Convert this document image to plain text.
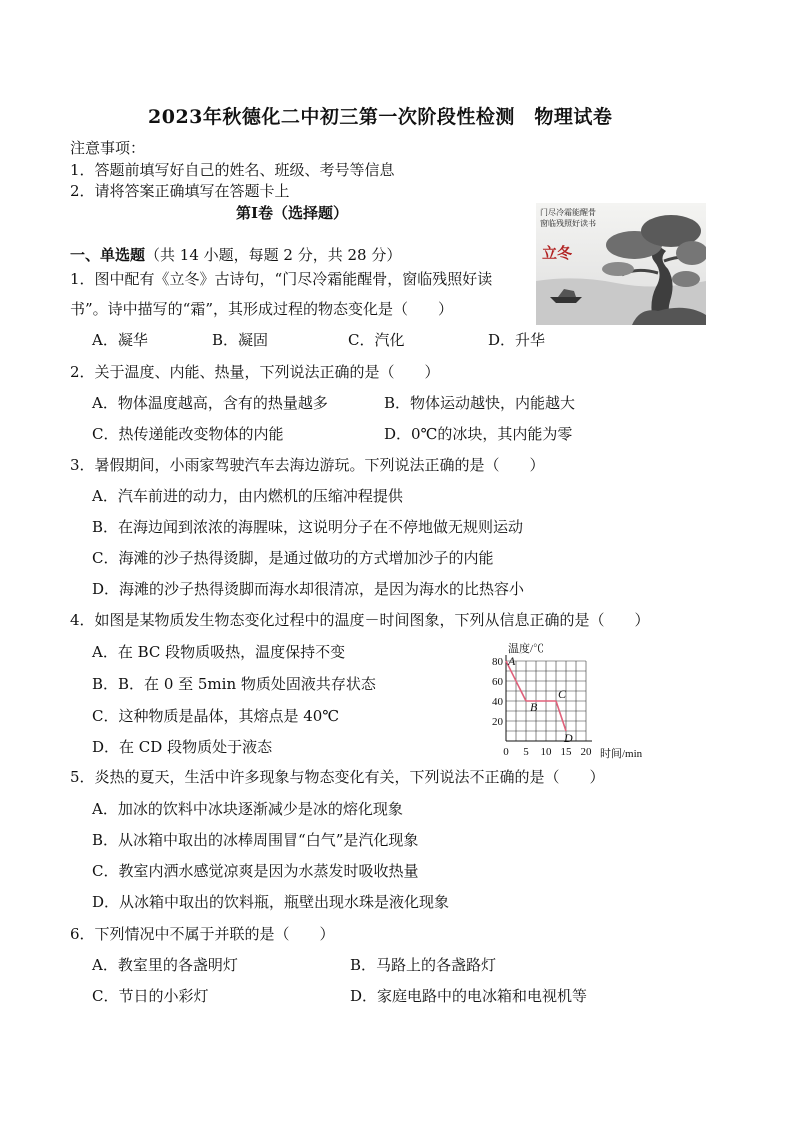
2023年秋德化二中初三第一次阶段性检测　物理试卷
注意事项：
1．答题前填写好自己的姓名、班级、考号等信息
2．请将答案正确填写在答题卡上
第Ⅰ卷（选择题）
一、单选题（共 14 小题，每题 2 分，共 28 分）
门尽冷霜能醒骨
窗临残照好读书
立冬
1．图中配有《立冬》古诗句，“门尽冷霜能醒骨，窗临残照好读
书”。诗中描写的“霜”，其形成过程的物态变化是（　　）
A．凝华	B．凝固	C．汽化	D．升华
2．关于温度、内能、热量，下列说法正确的是（　　）
A．物体温度越高，含有的热量越多	B．物体运动越快，内能越大
C．热传递能改变物体的内能	D．0℃的冰块，其内能为零
3．暑假期间，小雨家驾驶汽车去海边游玩。下列说法正确的是（　　）
A．汽车前进的动力，由内燃机的压缩冲程提供
B．在海边闻到浓浓的海腥味，这说明分子在不停地做无规则运动
C．海滩的沙子热得烫脚，是通过做功的方式增加沙子的内能
D．海滩的沙子热得烫脚而海水却很清凉，是因为海水的比热容小
4．如图是某物质发生物态变化过程中的温度－时间图象，下列从信息正确的是（　　）
A．在 BC 段物质吸热，温度保持不变
B．B．在 0 至 5min 物质处固液共存状态
C．这种物质是晶体，其熔点是 40℃
D．在 CD 段物质处于液态
温度/℃
时间/min
0 5 10 15 20
20
40
60
80 A
B
C
D
5．炎热的夏天，生活中许多现象与物态变化有关，下列说法不正确的是（　　）
A．加冰的饮料中冰块逐渐减少是冰的熔化现象
B．从冰箱中取出的冰棒周围冒“白气”是汽化现象
C．教室内洒水感觉凉爽是因为水蒸发时吸收热量
D．从冰箱中取出的饮料瓶，瓶壁出现水珠是液化现象
6．下列情况中不属于并联的是（　　）
A．教室里的各盏明灯	B．马路上的各盏路灯
C．节日的小彩灯	D．家庭电路中的电冰箱和电视机等
